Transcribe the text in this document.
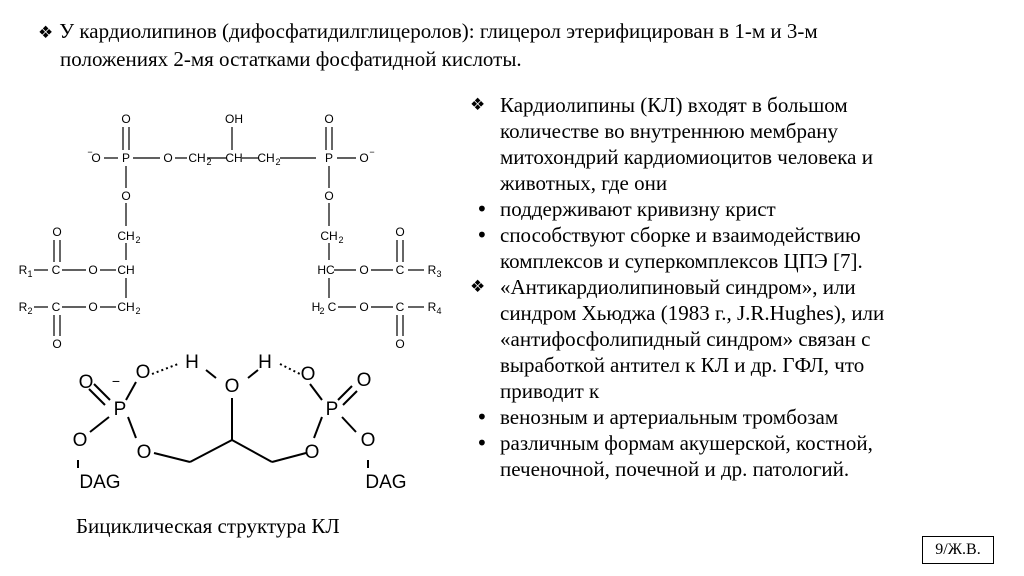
❖ У кардиолипинов (дифосфатидилглицеролов): глицерол этерифицирован в 1-м и 3-м
положениях 2-мя остатками фосфатидной кислоты.
O
O
− P	O
O
CH 2
CH
CH 2
OH
CH 2 CH CH 2
O
P O −
O
CH 2
HC
H 2 C
R 1
O
C O
R 2 C O
O
O
O
C R 3
O C R 4
O
O − O H
O
H
O O
P	P
O
O	O
O
DAG	DAG
Бициклическая структура КЛ
❖ Кардиолипины (КЛ) входят в большом
количестве во внутреннюю мембрану
митохондрий кардиомиоцитов человека и
животных, где они
• поддерживают кривизну крист
• способствуют сборке и взаимодействию
комплексов и суперкомплексов ЦПЭ [7].
❖ «Антикардиолипиновый синдром», или
синдром Хьюджа (1983 г., J.R.Hughes), или
«антифосфолипидный синдром» связан с
выработкой антител к КЛ и др. ГФЛ, что
приводит к
• венозным и артериальным тромбозам
• различным формам акушерской, костной,
печеночной, почечной и др. патологий.
9/Ж.В.
